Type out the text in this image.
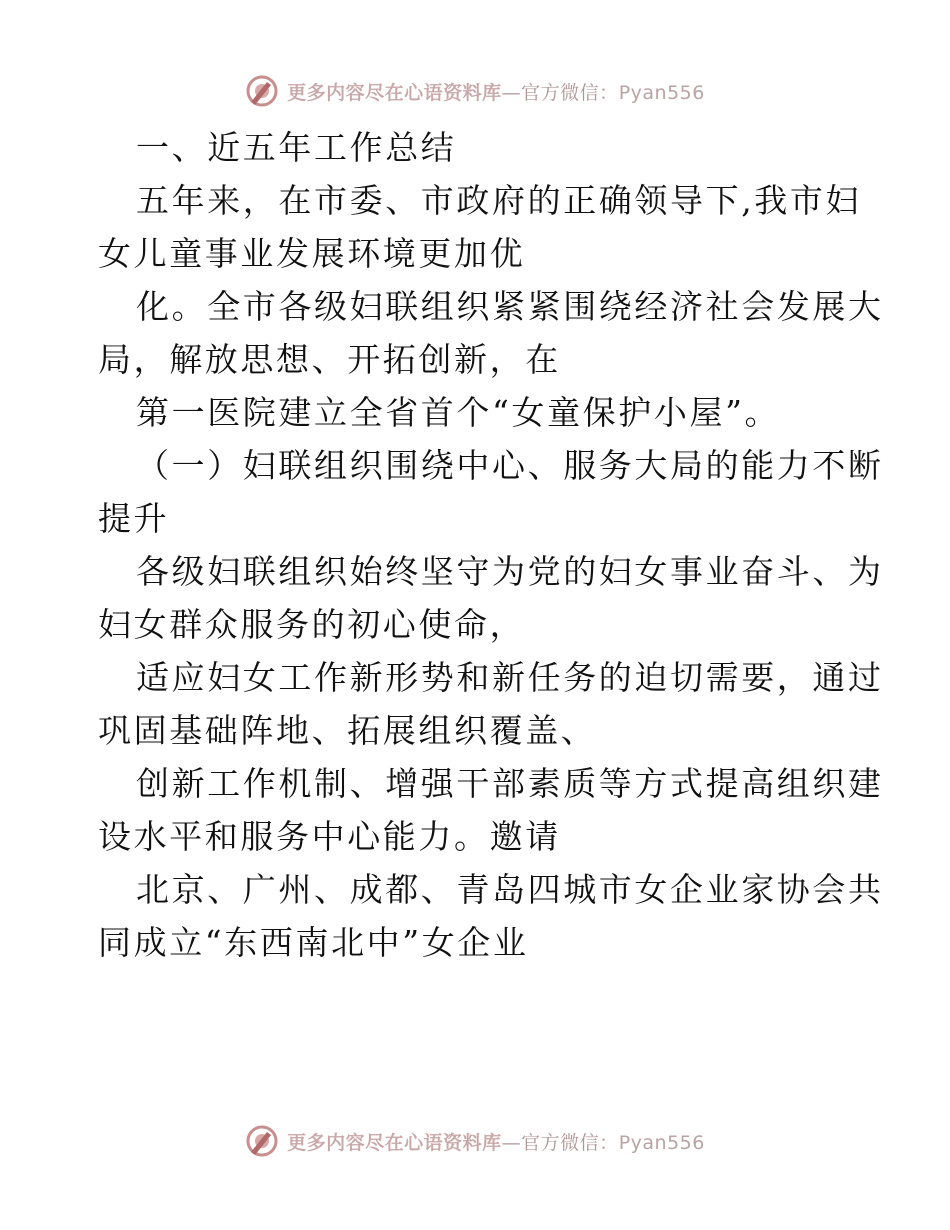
更多内容尽在心语资料库—官方微信：Pyan556
一、近五年工作总结
五年来，在市委、市政府的正确领导下,我市妇
女儿童事业发展环境更加优
化。全市各级妇联组织紧紧围绕经济社会发展大
局，解放思想、开拓创新，在
第一医院建立全省首个“女童保护小屋”。
（一）妇联组织围绕中心、服务大局的能力不断
提升
各级妇联组织始终坚守为党的妇女事业奋斗、为
妇女群众服务的初心使命，
适应妇女工作新形势和新任务的迫切需要，通过
巩固基础阵地、拓展组织覆盖、
创新工作机制、增强干部素质等方式提高组织建
设水平和服务中心能力。邀请
北京、广州、成都、青岛四城市女企业家协会共
同成立“东西南北中”女企业
更多内容尽在心语资料库—官方微信：Pyan556
